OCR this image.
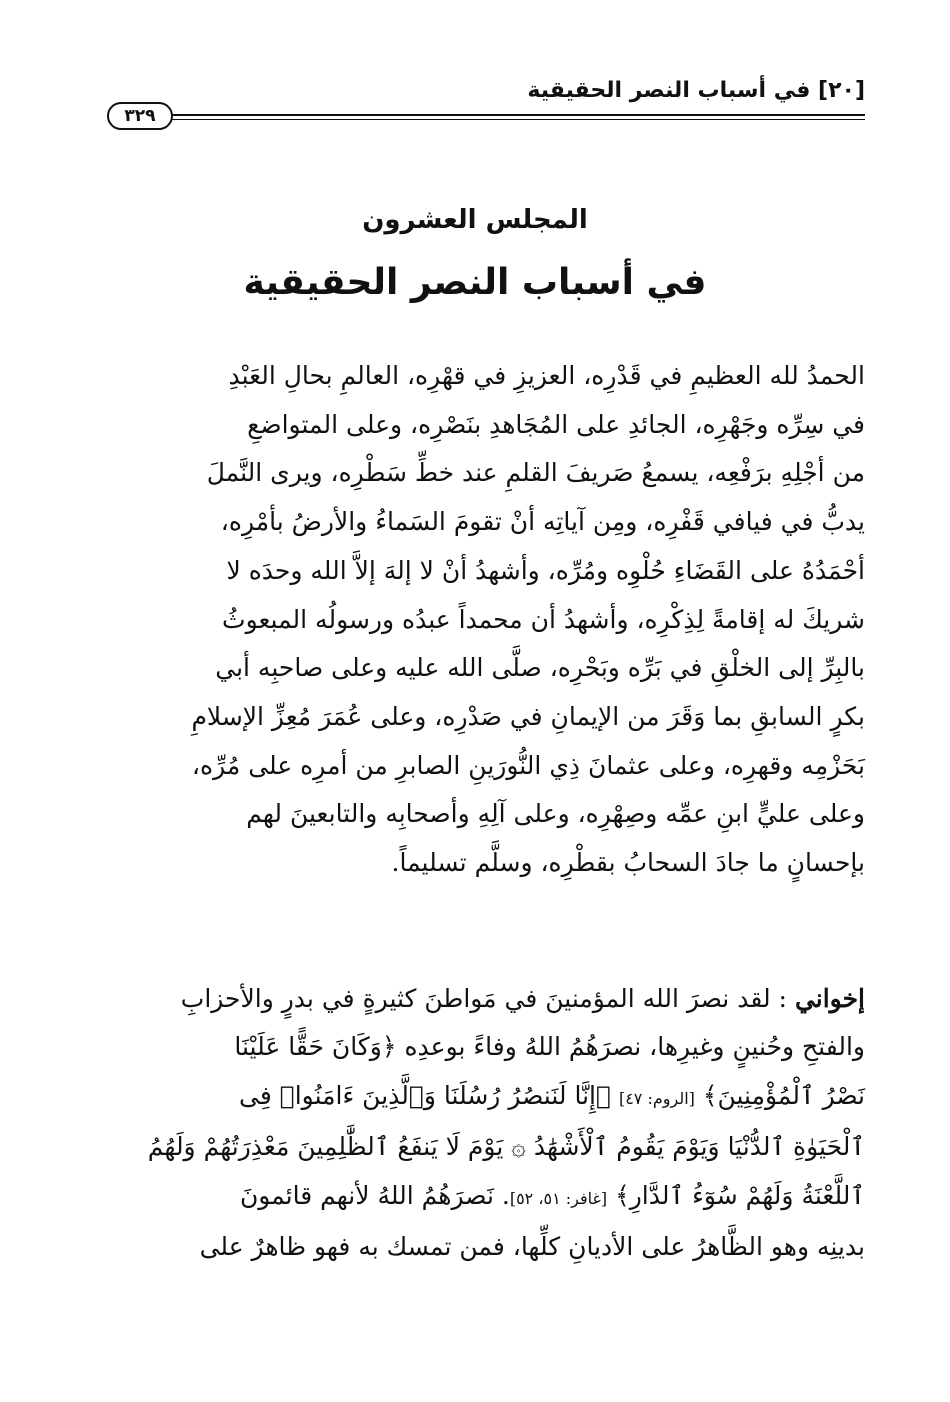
[٢٠] في أسباب النصر الحقيقية
٣٢٩
المجلس العشرون
في أسباب النصر الحقيقية
الحمدُ لله العظيمِ في قَدْرِه، العزيزِ في قهْرِه، العالمِ بحالِ العَبْدِ
في سِرِّه وجَهْرِه، الجائدِ على المُجَاهدِ بنَصْرِه، وعلى المتواضعِ
من أجْلِهِ برَفْعِه، يسمعُ صَريفَ القلمِ عند خطِّ سَطْرِه، ويرى النَّملَ
يدبُّ في فيافي قَفْرِه، ومِن آياتِه أنْ تقومَ السَماءُ والأرضُ بأمْرِه،
أحْمَدُهُ على القَضَاءِ حُلْوِه ومُرِّه، وأشهدُ أنْ لا إلهَ إلاَّ الله وحدَه لا
شريكَ له إقامةً لِذِكْرِه، وأشهدُ أن محمداً عبدُه ورسولُه المبعوثُ
بالبِرِّ إلى الخلْقِ في بَرِّه وبَحْرِه، صلَّى الله عليه وعلى صاحبِه أبي
بكرٍ السابقِ بما وَقَرَ من الإيمانِ في صَدْرِه، وعلى عُمَرَ مُعِزِّ الإسلامِ
بَحَزْمِه وقهرِه، وعلى عثمانَ ذِي النُّورَينِ الصابرِ من أمرِه على مُرِّه،
وعلى عليٍّ ابنِ عمِّه وصِهْرِه، وعلى آلِهِ وأصحابِه والتابعينَ لهم
بإحسانٍ ما جادَ السحابُ بقطْرِه، وسلَّم تسليماً.
إخواني : لقد نصرَ الله المؤمنينَ في مَواطنَ كثيرةٍ في بدرٍ والأحزابِ
والفتحِ وحُنينٍ وغيرِها، نصرَهُمُ اللهُ وفاءً بوعدِه ﴿وَكَانَ حَقًّا عَلَيْنَا
نَصْرُ ٱلْمُؤْمِنِينَ﴾ [الروم: ٤٧] ﴿إِنَّا لَنَنصُرُ رُسُلَنَا وَٱلَّذِينَ ءَامَنُوا۟ فِى
ٱلْحَيَوٰةِ ٱلدُّنْيَا وَيَوْمَ يَقُومُ ٱلْأَشْهَٰدُ ۞ يَوْمَ لَا يَنفَعُ ٱلظَّٰلِمِينَ مَعْذِرَتُهُمْ وَلَهُمُ
ٱللَّعْنَةُ وَلَهُمْ سُوٓءُ ٱلدَّارِ﴾ [غافر: ٥١، ٥٢]. نَصرَهُمُ اللهُ لأنهم قائمونَ
بدينِه وهو الظَّاهرُ على الأديانِ كلِّها، فمن تمسك به فهو ظاهرٌ على
